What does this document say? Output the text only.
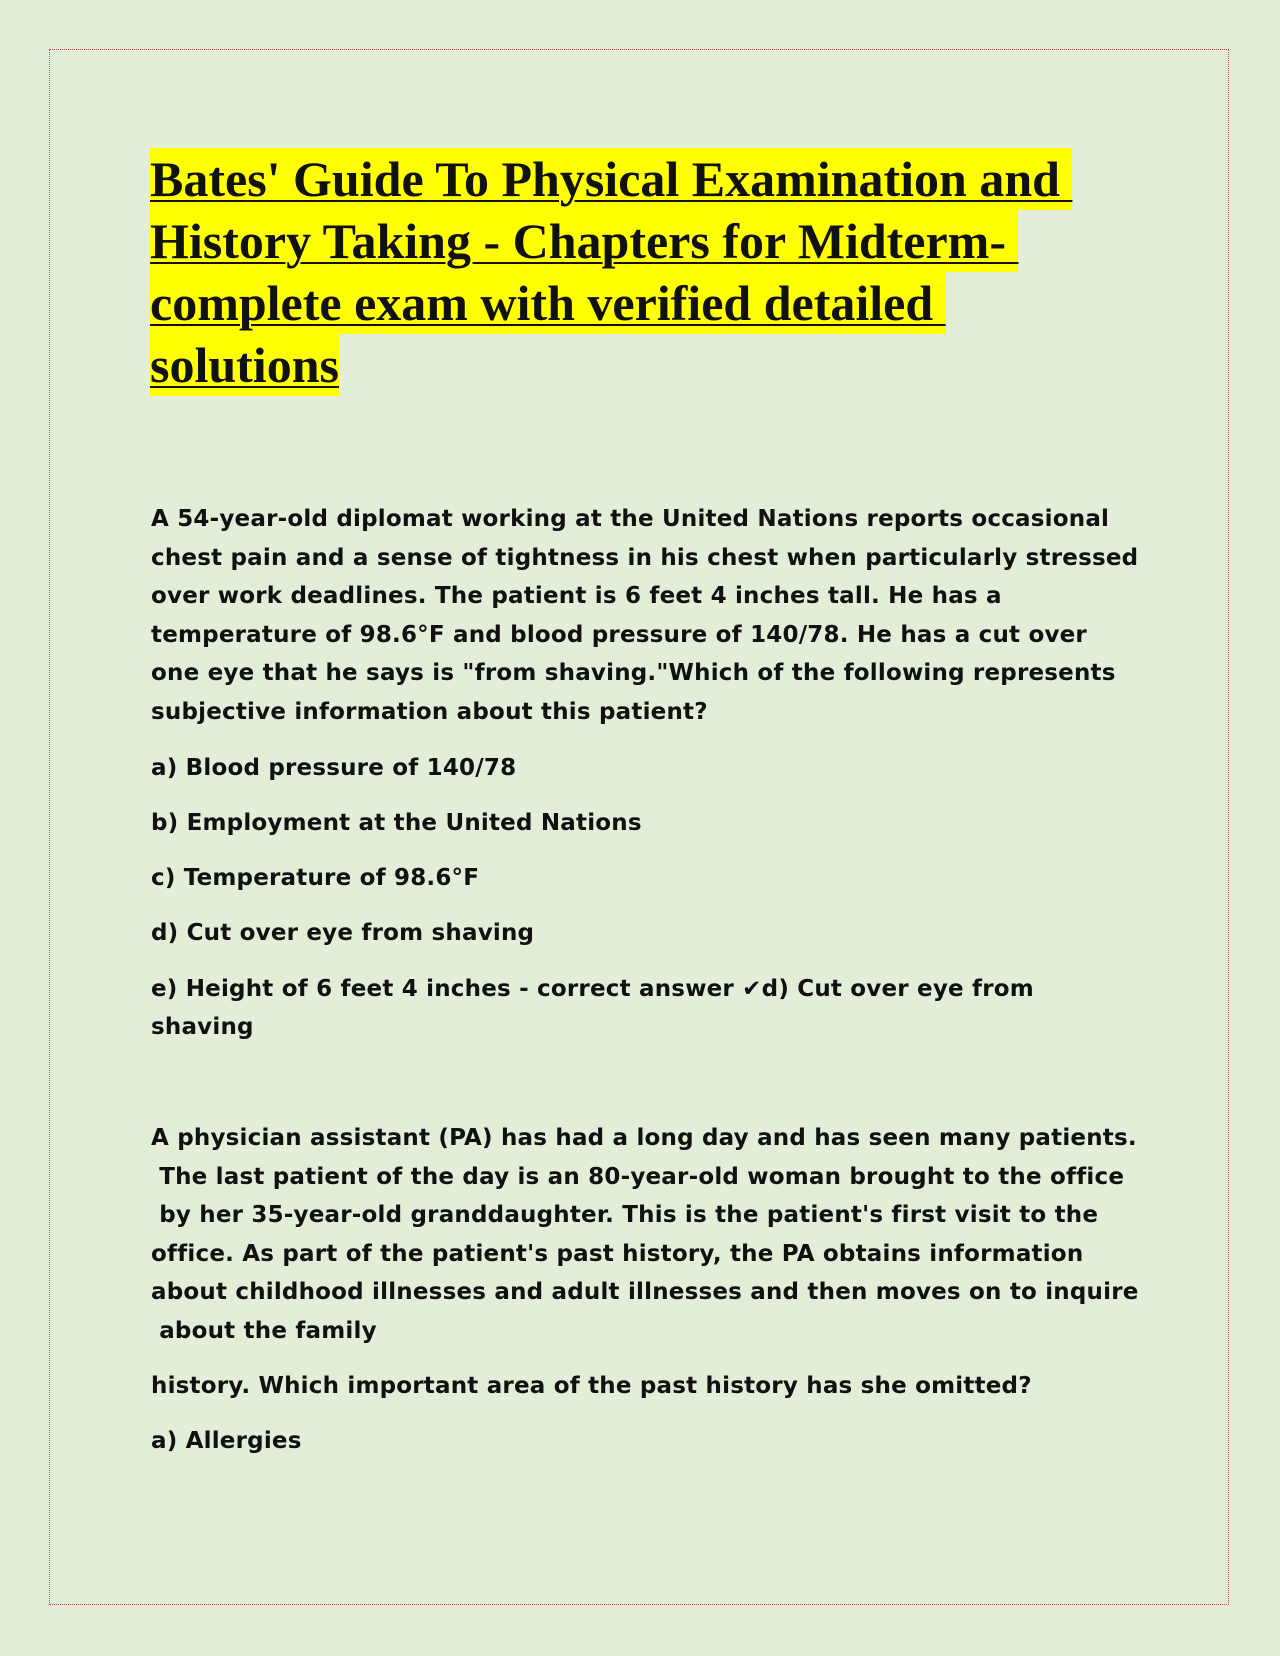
Bates' Guide To Physical Examination and
History Taking - Chapters for Midterm-
complete exam with verified detailed
solutions

A 54-year-old diplomat working at the United Nations reports occasional

chest pain and a sense of tightness in his chest when particularly stressed

over work deadlines. The patient is 6 feet 4 inches tall. He has a

temperature of 98.6°F and blood pressure of 140/78. He has a cut over

one eye that he says is "from shaving."Which of the following represents

subjective information about this patient?

a) Blood pressure of 140/78

b) Employment at the United Nations

c) Temperature of 98.6°F

d) Cut over eye from shaving

e) Height of 6 feet 4 inches - correct answer ✔d) Cut over eye from

shaving

A physician assistant (PA) has had a long day and has seen many patients.

The last patient of the day is an 80-year-old woman brought to the office

by her 35-year-old granddaughter. This is the patient's first visit to the

office. As part of the patient's past history, the PA obtains information

about childhood illnesses and adult illnesses and then moves on to inquire

about the family

history. Which important area of the past history has she omitted?

a) Allergies
